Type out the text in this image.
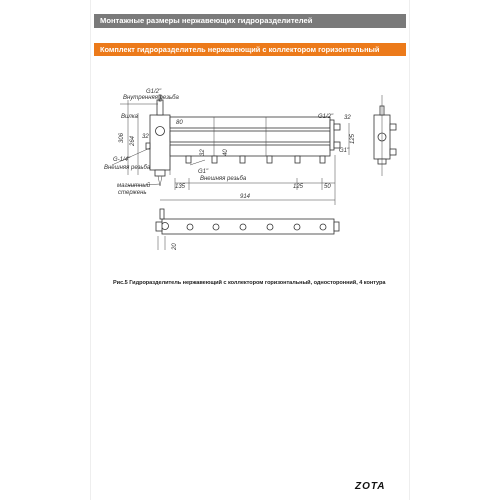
Монтажные размеры нержавеющих гидроразделителей
Комплект гидроразделитель нержавеющий с коллектором горизонтальный
G1/2"
Внутренняя резьба
Вилка
G-1/4"
Внешняя резьба
магнитный
стержень
G1"
Внешняя резьба
G1/2"
G1"
80
32
306 264
40
32
32
135	125	50
125
914
20
Рис.5 Гидроразделитель нержавеющий с коллектором горизонтальный, односторонний, 4 контура
ZOTA
